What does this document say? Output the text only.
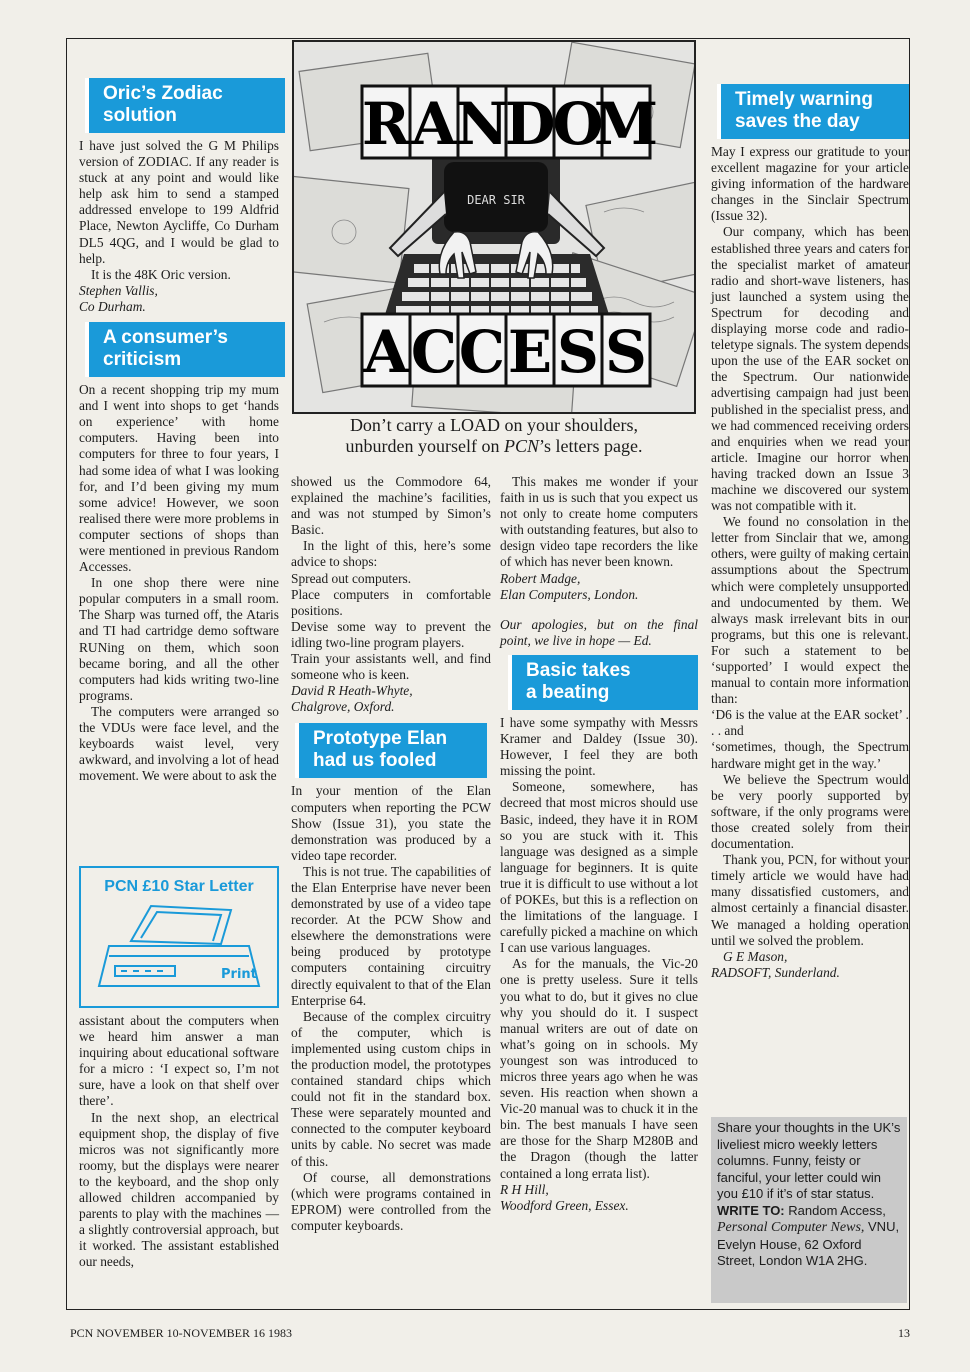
DEAR SIR
R A
N
D
O
M
A C C E S S
Don’t carry a LOAD on your shoulders,
unburden yourself on PCN’s letters page.
Oric’s Zodiac
solution

I have just solved the G M Philips version of ZODIAC. If any reader is stuck at any point and would like help ask him to send a stamped addressed envelope to 199 Aldfrid Place, Newton Aycliffe, Co Durham DL5 4QG, and I would be glad to help.

It is the 48K Oric version.

Stephen Vallis,

Co Durham.

A consumer’s
criticism

On a recent shopping trip my mum and I went into shops to get ‘hands on experience’ with home computers. Having been into computers for three to four years, I had some idea of what I was looking for, and I’d been giving my mum some advice! However, we soon realised there were more problems in computer sections of shops than were mentioned in previous Random Accesses.

In one shop there were nine popular computers in a small room. The Sharp was turned off, the Ataris and TI had cartridge demo software RUNing on them, which soon became boring, and all the other computers had kids writing two-line programs.

The computers were arranged so the VDUs were face level, and the keyboards waist level, very awkward, and involving a lot of head movement. We were about to ask the

PCN £10 Star Letter
Print

assistant about the computers when we heard him answer a man inquiring about educational software for a micro : ‘I expect so, I’m not sure, have a look on that shelf over there’.

In the next shop, an electrical equipment shop, the display of five micros was not significantly more roomy, but the displays were nearer to the keyboard, and the shop only allowed children accompanied by parents to play with the machines — a slightly controversial approach, but it worked. The assistant established our needs,

showed us the Commodore 64, explained the machine’s facilities, and was not stumped by Simon’s Basic.

In the light of this, here’s some advice to shops:

Spread out computers.

Place computers in comfortable positions.

Devise some way to prevent the idling two-line program players.

Train your assistants well, and find someone who is keen.

David R Heath-Whyte,

Chalgrove, Oxford.

Prototype Elan
had us fooled

In your mention of the Elan computers when reporting the PCW Show (Issue 31), you state the demonstration was produced by a video tape recorder.

This is not true. The capabilities of the Elan Enterprise have never been demonstrated by use of a video tape recorder. At the PCW Show and elsewhere the demonstrations were being produced by prototype computers containing circuitry directly equivalent to that of the Elan Enterprise 64.

Because of the complex circuitry of the computer, which is implemented using custom chips in the production model, the prototypes contained standard chips which could not fit in the standard box. These were separately mounted and connected to the computer keyboard units by cable. No secret was made of this.

Of course, all demonstrations (which were programs contained in EPROM) were controlled from the computer keyboards.

This makes me wonder if your faith in us is such that you expect us not only to create home computers with outstanding features, but also to design video tape recorders the like of which has never been known.

Robert Madge,

Elan Computers, London.

Our apologies, but on the final point, we live in hope — Ed.

Basic takes
a beating

I have some sympathy with Messrs Kramer and Daldey (Issue 30). However, I feel they are both missing the point.

Someone, somewhere, has decreed that most micros should use Basic, indeed, they have it in ROM so you are stuck with it. This language was designed as a simple language for beginners. It is quite true it is difficult to use without a lot of POKEs, but this is a reflection on the limitations of the language. I carefully picked a machine on which I can use various languages.

As for the manuals, the Vic-20 one is pretty useless. Sure it tells you what to do, but it gives no clue why you should do it. I suspect manual writers are out of date on what’s going on in schools. My youngest son was introduced to micros three years ago when he was seven. His reaction when shown a Vic-20 manual was to chuck it in the bin. The best manuals I have seen are those for the Sharp M280B and the Dragon (though the latter contained a long errata list).

R H Hill,

Woodford Green, Essex.

Timely warning
saves the day

May I express our gratitude to your excellent magazine for your article giving information of the hardware changes in the Sinclair Spectrum (Issue 32).

Our company, which has been established three years and caters for the specialist market of amateur radio and short-wave listeners, has just launched a system using the Spectrum for decoding and displaying morse code and radio-teletype signals. The system depends upon the use of the EAR socket on the Spectrum. Our nationwide advertising campaign had just been published in the specialist press, and we had commenced receiving orders and enquiries when we read your article. Imagine our horror when having tracked down an Issue 3 machine we discovered our system was not compatible with it.

We found no consolation in the letter from Sinclair that we, among others, were guilty of making certain assumptions about the Spectrum which were completely unsupported and undocumented by them. We always mask irrelevant bits in our programs, but this one is relevant. For such a statement to be ‘supported’ I would expect the manual to contain more information than:

‘D6 is the value at the EAR socket’ . . . and

‘sometimes, though, the Spectrum hardware might get in the way.’

We believe the Spectrum would be very poorly supported by software, if the only programs were those created solely from their documentation.

Thank you, PCN, for without your timely article we would have had many dissatisfied customers, and almost certainly a financial disaster. We managed a holding operation until we solved the problem.

G E Mason,

RADSOFT, Sunderland.

Share your thoughts in the UK’s liveliest micro weekly letters columns. Funny, feisty or fanciful, your letter could win you £10 if it’s of star status.
WRITE TO: Random Access, Personal Computer News, VNU, Evelyn House, 62 Oxford Street, London W1A 2HG.
PCN NOVEMBER 10-NOVEMBER 16 1983	13
